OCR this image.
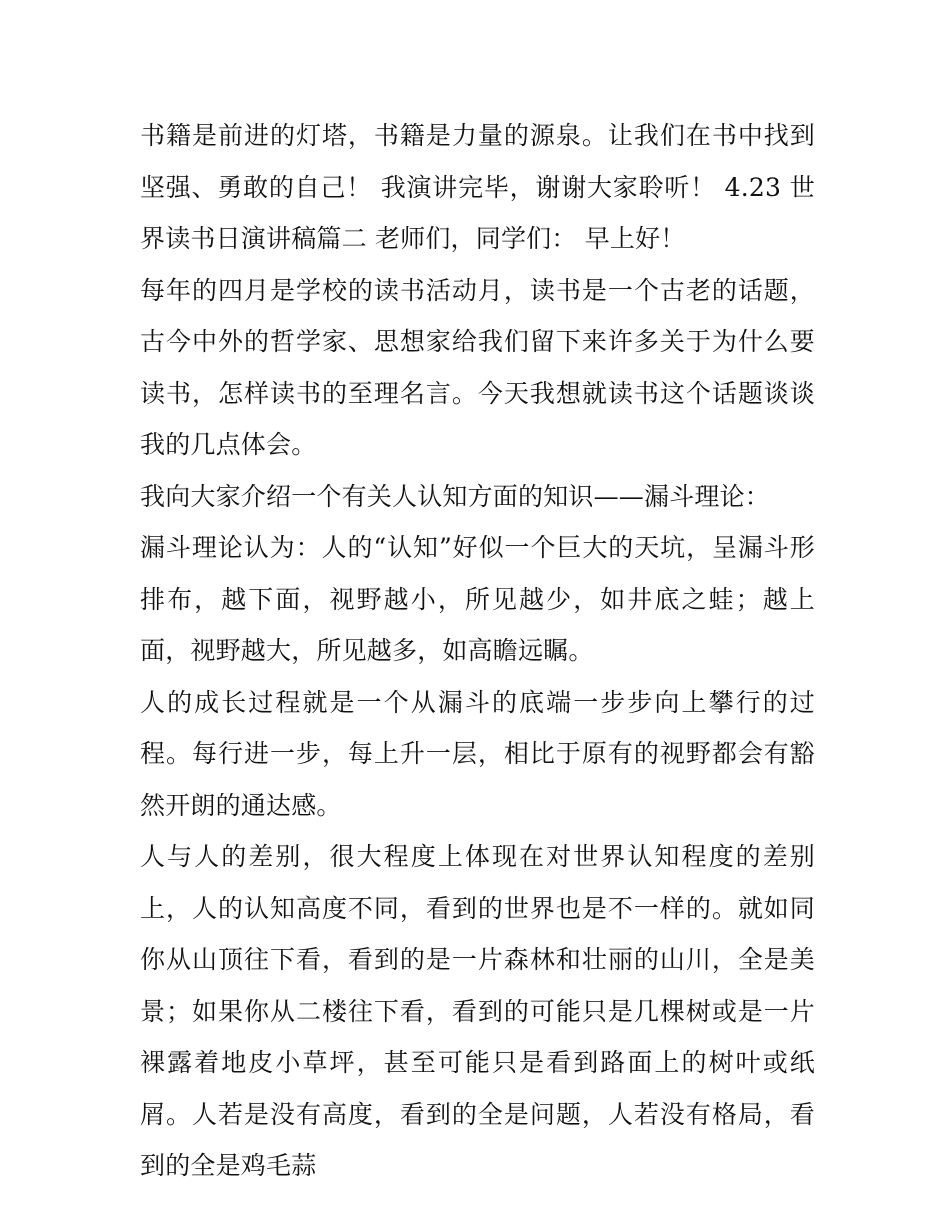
书籍是前进的灯塔，书籍是力量的源泉。让我们在书中找到坚强、勇敢的自己！ 我演讲完毕，谢谢大家聆听！ 4.23 世界读书日演讲稿篇二 老师们，同学们： 早上好！

每年的四月是学校的读书活动月，读书是一个古老的话题，古今中外的哲学家、思想家给我们留下来许多关于为什么要读书，怎样读书的至理名言。今天我想就读书这个话题谈谈我的几点体会。

我向大家介绍一个有关人认知方面的知识——漏斗理论：

漏斗理论认为：人的“认知”好似一个巨大的天坑，呈漏斗形排布，越下面，视野越小，所见越少，如井底之蛙；越上面，视野越大，所见越多，如高瞻远瞩。

人的成长过程就是一个从漏斗的底端一步步向上攀行的过程。每行进一步，每上升一层，相比于原有的视野都会有豁然开朗的通达感。

人与人的差别，很大程度上体现在对世界认知程度的差别上，人的认知高度不同，看到的世界也是不一样的。就如同你从山顶往下看，看到的是一片森林和壮丽的山川，全是美景；如果你从二楼往下看，看到的可能只是几棵树或是一片裸露着地皮小草坪，甚至可能只是看到路面上的树叶或纸屑。人若是没有高度，看到的全是问题，人若没有格局，看到的全是鸡毛蒜
